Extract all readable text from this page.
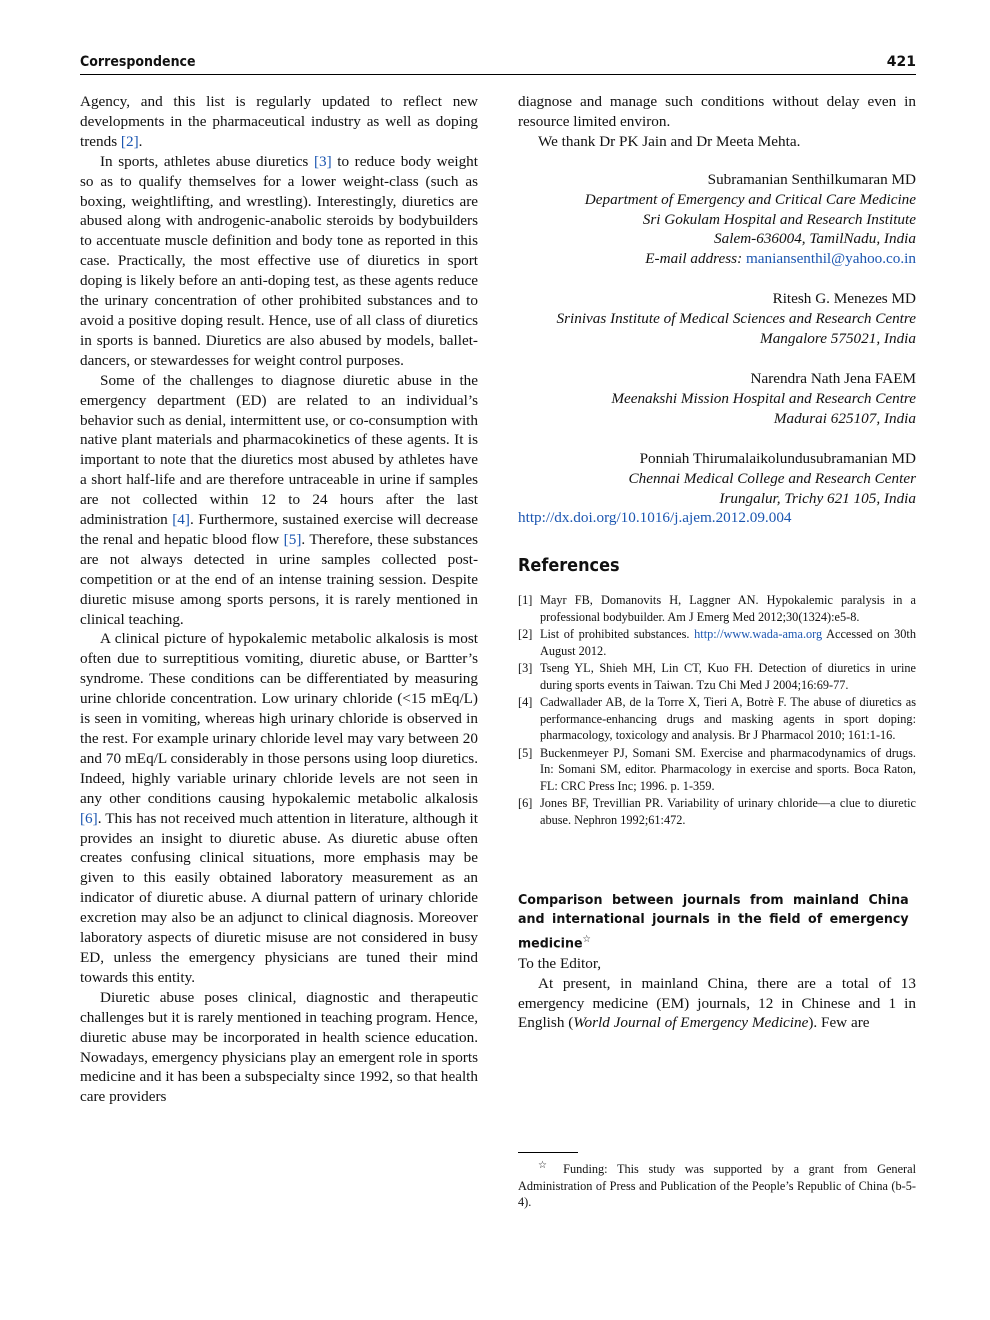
Correspondence	421

Agency, and this list is regularly updated to reflect new developments in the pharmaceutical industry as well as doping trends [2].

In sports, athletes abuse diuretics [3] to reduce body weight so as to qualify themselves for a lower weight-class (such as boxing, weightlifting, and wrestling). Interestingly, diuretics are abused along with androgenic-anabolic steroids by bodybuilders to accentuate muscle definition and body tone as reported in this case. Practically, the most effective use of diuretics in sport doping is likely before an anti-doping test, as these agents reduce the urinary concentration of other prohibited substances and to avoid a positive doping result. Hence, use of all class of diuretics in sports is banned. Diuretics are also abused by models, ballet-dancers, or stewardesses for weight control purposes.

Some of the challenges to diagnose diuretic abuse in the emergency department (ED) are related to an individual’s behavior such as denial, intermittent use, or co-consumption with native plant materials and pharmacokinetics of these agents. It is important to note that the diuretics most abused by athletes have a short half-life and are therefore untraceable in urine if samples are not collected within 12 to 24 hours after the last administration [4]. Furthermore, sustained exercise will decrease the renal and hepatic blood flow [5]. Therefore, these substances are not always detected in urine samples collected post-competition or at the end of an intense training session. Despite diuretic misuse among sports persons, it is rarely mentioned in clinical teaching.

A clinical picture of hypokalemic metabolic alkalosis is most often due to surreptitious vomiting, diuretic abuse, or Bartter’s syndrome. These conditions can be differentiated by measuring urine chloride concentration. Low urinary chloride (<15 mEq/L) is seen in vomiting, whereas high urinary chloride is observed in the rest. For example urinary chloride level may vary between 20 and 70 mEq/L considerably in those persons using loop diuretics. Indeed, highly variable urinary chloride levels are not seen in any other conditions causing hypokalemic metabolic alkalosis [6]. This has not received much attention in literature, although it provides an insight to diuretic abuse. As diuretic abuse often creates confusing clinical situations, more emphasis may be given to this easily obtained laboratory measurement as an indicator of diuretic abuse. A diurnal pattern of urinary chloride excretion may also be an adjunct to clinical diagnosis. Moreover laboratory aspects of diuretic misuse are not considered in busy ED, unless the emergency physicians are tuned their mind towards this entity.

Diuretic abuse poses clinical, diagnostic and therapeutic challenges but it is rarely mentioned in teaching program. Hence, diuretic abuse may be incorporated in health science education. Nowadays, emergency physicians play an emergent role in sports medicine and it has been a subspecialty since 1992, so that health care providers

diagnose and manage such conditions without delay even in resource limited environ.

We thank Dr PK Jain and Dr Meeta Mehta.

Subramanian Senthilkumaran MD
Department of Emergency and Critical Care Medicine
Sri Gokulam Hospital and Research Institute
Salem-636004, TamilNadu, India
E-mail address: maniansenthil@yahoo.co.in
Ritesh G. Menezes MD
Srinivas Institute of Medical Sciences and Research Centre
Mangalore 575021, India
Narendra Nath Jena FAEM
Meenakshi Mission Hospital and Research Centre
Madurai 625107, India
Ponniah Thirumalaikolundusubramanian MD
Chennai Medical College and Research Center
Irungalur, Trichy 621 105, India

http://dx.doi.org/10.1016/j.ajem.2012.09.004

References
[1] Mayr FB, Domanovits H, Laggner AN. Hypokalemic paralysis in a professional bodybuilder. Am J Emerg Med 2012;30(1324):e5-8.
[2] List of prohibited substances. http://www.wada-ama.org Accessed on 30th August 2012.
[3] Tseng YL, Shieh MH, Lin CT, Kuo FH. Detection of diuretics in urine during sports events in Taiwan. Tzu Chi Med J 2004;16:69-77.
[4] Cadwallader AB, de la Torre X, Tieri A, Botrè F. The abuse of diuretics as performance-enhancing drugs and masking agents in sport doping: pharmacology, toxicology and analysis. Br J Pharmacol 2010; 161:1-16.
[5] Buckenmeyer PJ, Somani SM. Exercise and pharmacodynamics of drugs. In: Somani SM, editor. Pharmacology in exercise and sports. Boca Raton, FL: CRC Press Inc; 1996. p. 1-359.
[6] Jones BF, Trevillian PR. Variability of urinary chloride—a clue to diuretic abuse. Nephron 1992;61:472.
Comparison between journals from mainland China and international journals in the field of emergency medicine☆

To the Editor,

At present, in mainland China, there are a total of 13 emergency medicine (EM) journals, 12 in Chinese and 1 in English (World Journal of Emergency Medicine). Few are

☆ Funding: This study was supported by a grant from General Administration of Press and Publication of the People’s Republic of China (b-5-4).
